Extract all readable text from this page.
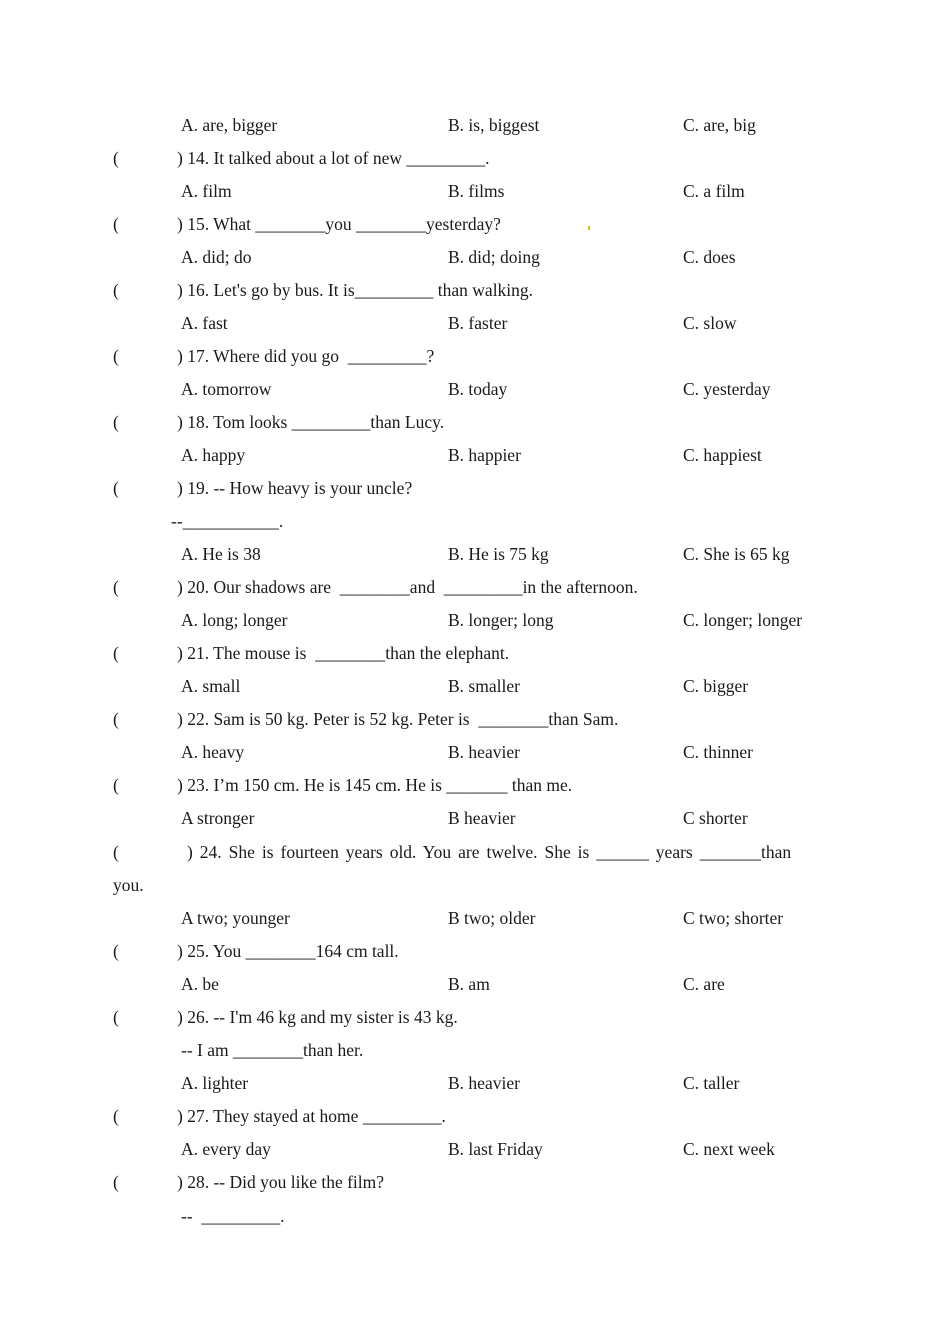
A. are, bigger	B. is, biggest	C. are, big
(	) 14. It talked about a lot of new _________.
A. film	B. films	C. a film
(	) 15. What ________you ________yesterday?
A. did; do	B. did; doing	C. does
(	) 16. Let's go by bus. It is_________ than walking.
A. fast	B. faster	C. slow
(	) 17. Where did you go  _________?
A. tomorrow	B. today	C. yesterday
(	) 18. Tom looks _________than Lucy.
A. happy	B. happier	C. happiest
(	) 19. -- How heavy is your uncle?
--___________.
A. He is 38	B. He is 75 kg	C. She is 65 kg
(	) 20. Our shadows are  ________and  _________in the afternoon.
A. long; longer	B. longer; long	C. longer; longer
(	) 21. The mouse is  ________than the elephant.
A. small	B. smaller	C. bigger
(	) 22. Sam is 50 kg. Peter is 52 kg. Peter is  ________than Sam.
A. heavy	B. heavier	C. thinner
(	) 23. I’m 150 cm. He is 145 cm. He is _______ than me.
A stronger	B heavier	C shorter
(	) 24. She is fourteen years old. You are twelve. She is ______ years _______than
you.
A two; younger	B two; older	C two; shorter
(	) 25. You ________164 cm tall.
A. be	B. am	C. are
(	) 26. -- I'm 46 kg and my sister is 43 kg.
-- I am ________than her.
A. lighter	B. heavier	C. taller
(	) 27. They stayed at home _________.
A. every day	B. last Friday	C. next week
(	) 28. -- Did you like the film?
--  _________.
